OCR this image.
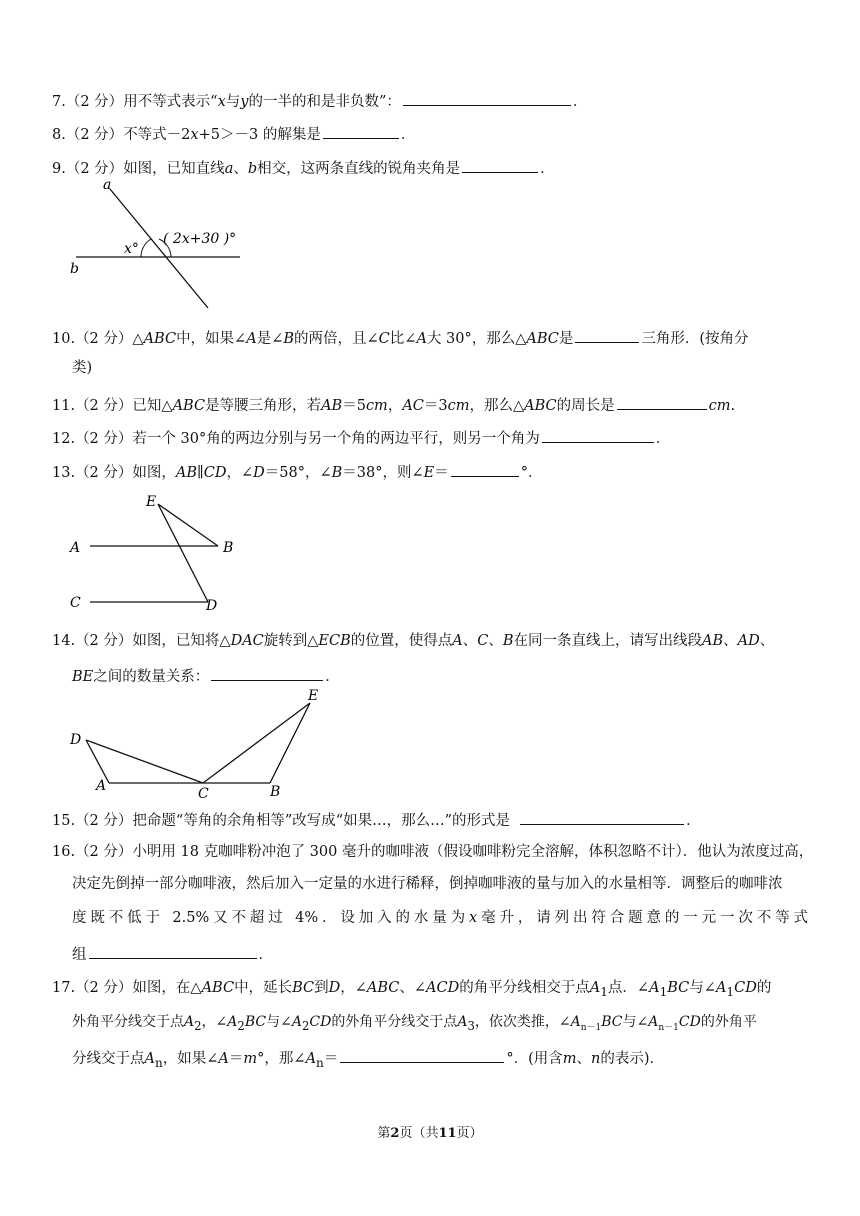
7.（2 分）用不等式表示“x与y的一半的和是非负数”：	．
8.（2 分）不等式－2x+5＞－3 的解集是	．
9.（2 分）如图，已知直线a、b相交，这两条直线的锐角夹角是	．
a
b
x°
( 2x+30 )°
10.（2 分）△ABC中，如果∠A是∠B的两倍，且∠C比∠A大 30°，那么△ABC是	三角形．(按角分
类)
11.（2 分）已知△ABC是等腰三角形，若AB＝5cm，AC＝3cm，那么△ABC的周长是	cm.
12.（2 分）若一个 30°角的两边分别与另一个角的两边平行，则另一个角为	．
13.（2 分）如图，AB∥CD，∠D＝58°，∠B＝38°，则∠E＝	°．
E
A	B
C	D
14.（2 分）如图，已知将△DAC旋转到△ECB的位置，使得点A、C、B在同一条直线上，请写出线段AB、AD、
BE之间的数量关系：	．
D
A	C	B
E
15.（2 分）把命题“等角的余角相等”改写成“如果…，那么…”的形式是	．
16.（2 分）小明用 18 克咖啡粉冲泡了 300 毫升的咖啡液（假设咖啡粉完全溶解，体积忽略不计）．他认为浓度过高，
决定先倒掉一部分咖啡液，然后加入一定量的水进行稀释，倒掉咖啡液的量与加入的水量相等．调整后的咖啡浓
度既不低于 2.5%又不超过 4%．设加入的水量为x毫升，请列出符合题意的一元一次不等式
组	．
17.（2 分）如图，在△ABC中，延长BC到D，∠ABC、∠ACD的角平分线相交于点$A_1$点．$\angle A_1BC$与$\angle A_1CD$的
外角平分线交于点$A_2$，$\angle A_2BC$与$\angle A_2CD$的外角平分线交于点$A_3$，依次类推，$\angle A_{n-1}BC$与$\angle A_{n-1}CD$的外角平
分线交于点$A_n$，如果∠A＝m°，那$\angle A_n=$	°．(用含m、n的表示)．
第2页（共11页）
